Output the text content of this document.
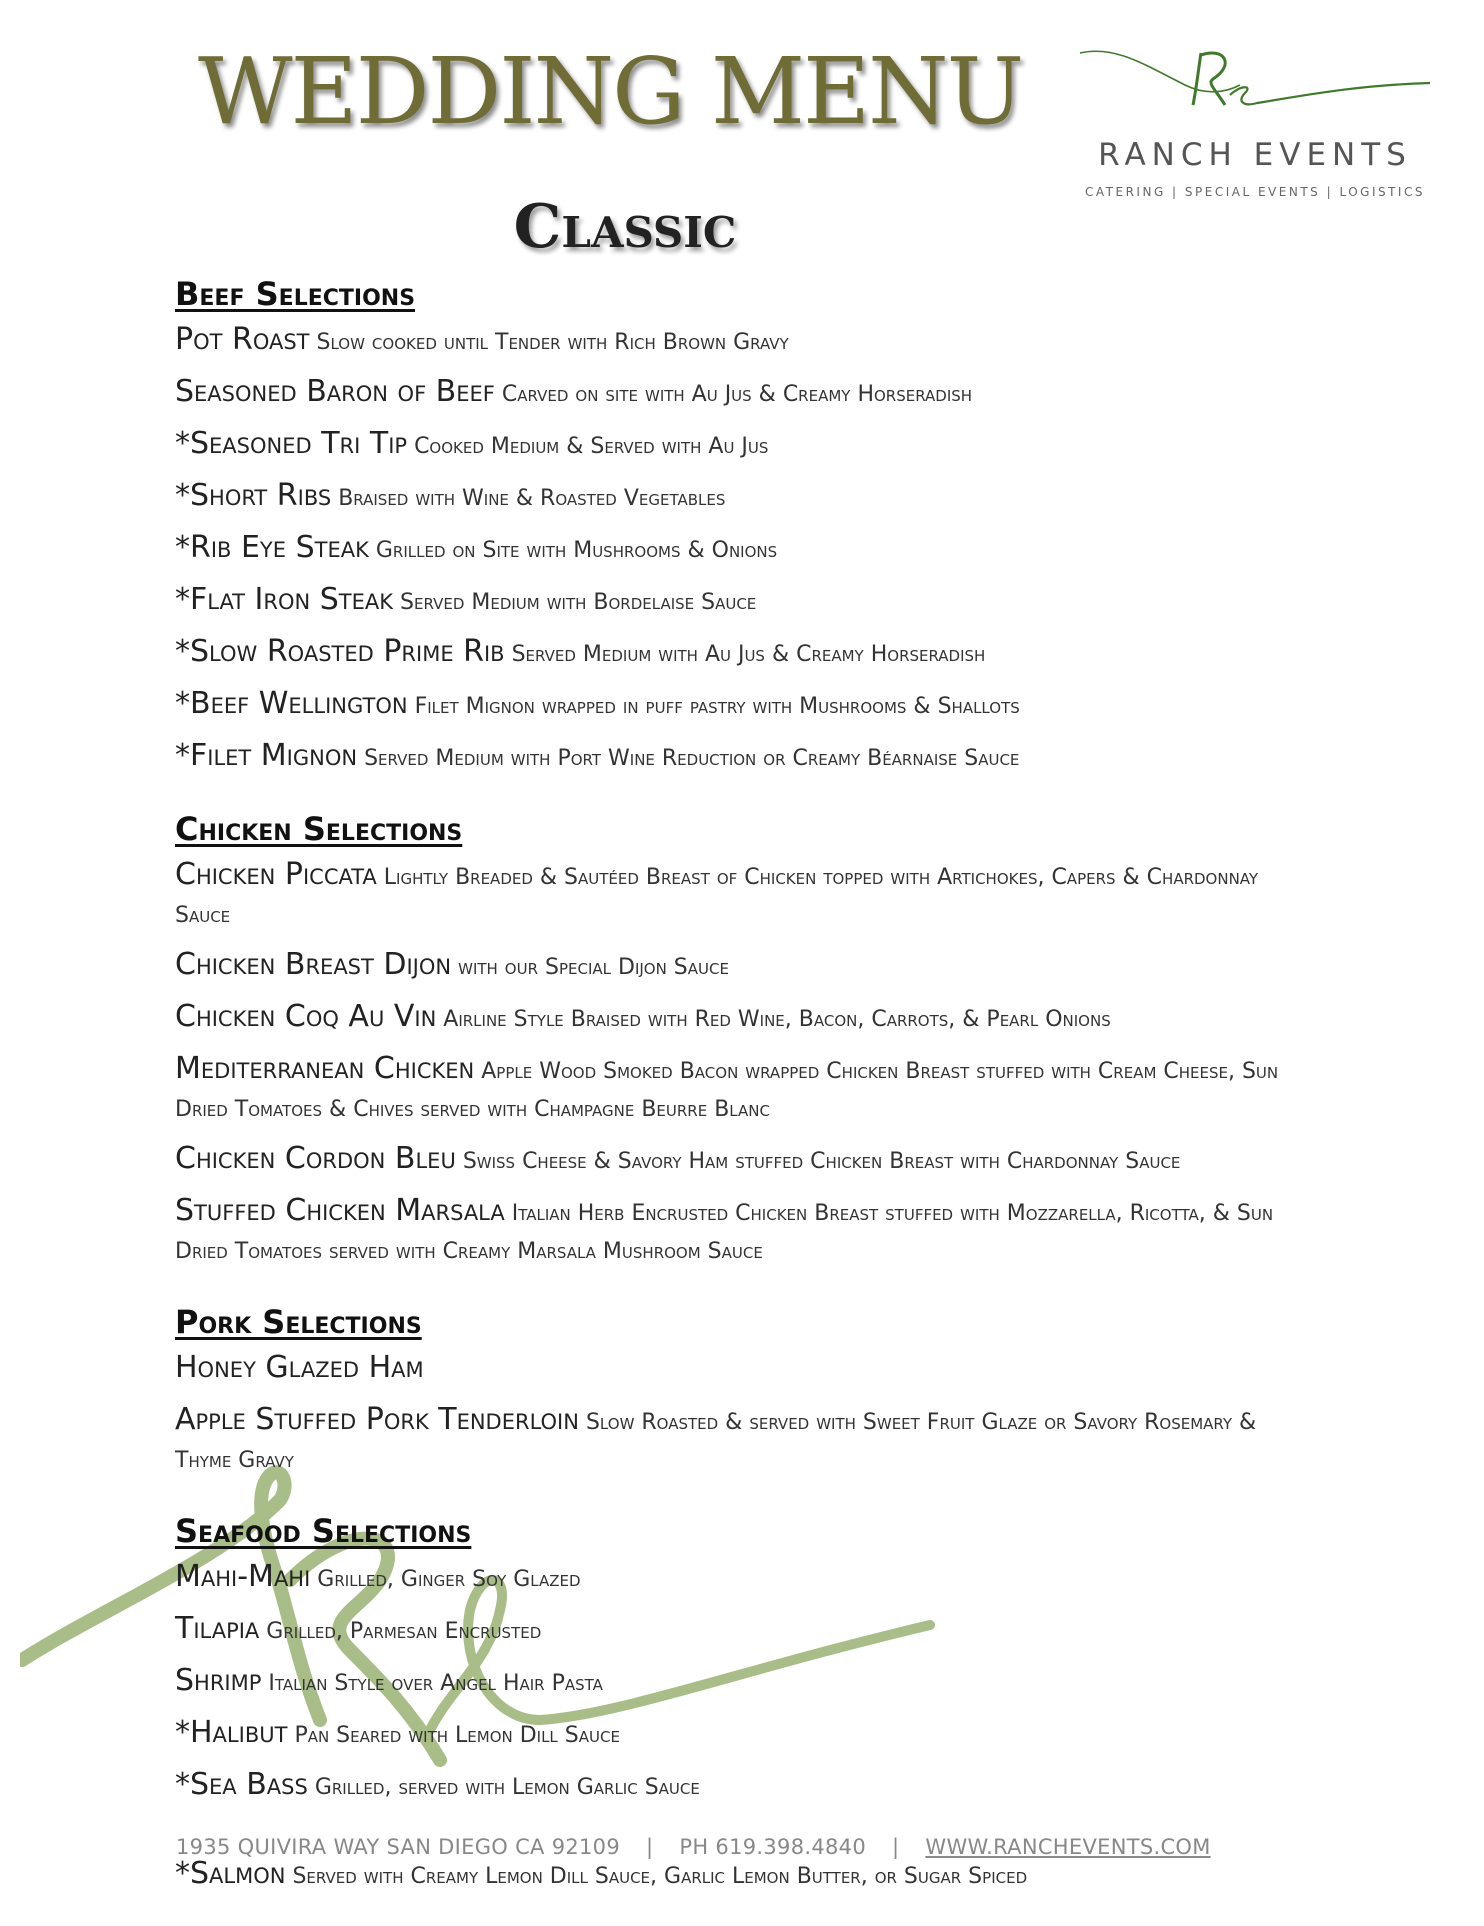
WEDDING MENU
RANCH EVENTS
CATERING | SPECIAL EVENTS | LOGISTICS
Classic
Beef Selections
Pot Roast Slow cooked until Tender with Rich Brown Gravy
Seasoned Baron of Beef Carved on site with Au Jus & Creamy Horseradish
*Seasoned Tri Tip Cooked Medium & Served with Au Jus
*Short Ribs Braised with Wine & Roasted Vegetables
*Rib Eye Steak Grilled on Site with Mushrooms & Onions
*Flat Iron Steak Served Medium with Bordelaise Sauce
*Slow Roasted Prime Rib Served Medium with Au Jus & Creamy Horseradish
*Beef Wellington Filet Mignon wrapped in puff pastry with Mushrooms & Shallots
*Filet Mignon Served Medium with Port Wine Reduction or Creamy Béarnaise Sauce
Chicken Selections
Chicken Piccata Lightly Breaded & Sautéed Breast of Chicken topped with Artichokes, Capers & Chardonnay Sauce
Chicken Breast Dijon with our Special Dijon Sauce
Chicken Coq Au Vin Airline Style Braised with Red Wine, Bacon, Carrots, & Pearl Onions
Mediterranean Chicken Apple Wood Smoked Bacon wrapped Chicken Breast stuffed with Cream Cheese, Sun Dried Tomatoes & Chives served with Champagne Beurre Blanc
Chicken Cordon Bleu Swiss Cheese & Savory Ham stuffed Chicken Breast with Chardonnay Sauce
Stuffed Chicken Marsala Italian Herb Encrusted Chicken Breast stuffed with Mozzarella, Ricotta, & Sun Dried Tomatoes served with Creamy Marsala Mushroom Sauce
Pork Selections
Honey Glazed Ham
Apple Stuffed Pork Tenderloin Slow Roasted & served with Sweet Fruit Glaze or Savory Rosemary & Thyme Gravy
Seafood Selections
Mahi-Mahi Grilled, Ginger Soy Glazed
Tilapia Grilled, Parmesan Encrusted
Shrimp Italian Style over Angel Hair Pasta
*Halibut Pan Seared with Lemon Dill Sauce
*Sea Bass Grilled, served with Lemon Garlic Sauce
*Salmon Served with Creamy Lemon Dill Sauce, Garlic Lemon Butter, or Sugar Spiced
1935 QUIVIRA WAY SAN DIEGO CA 92109 | PH 619.398.4840 | WWW.RANCHEVENTS.COM
